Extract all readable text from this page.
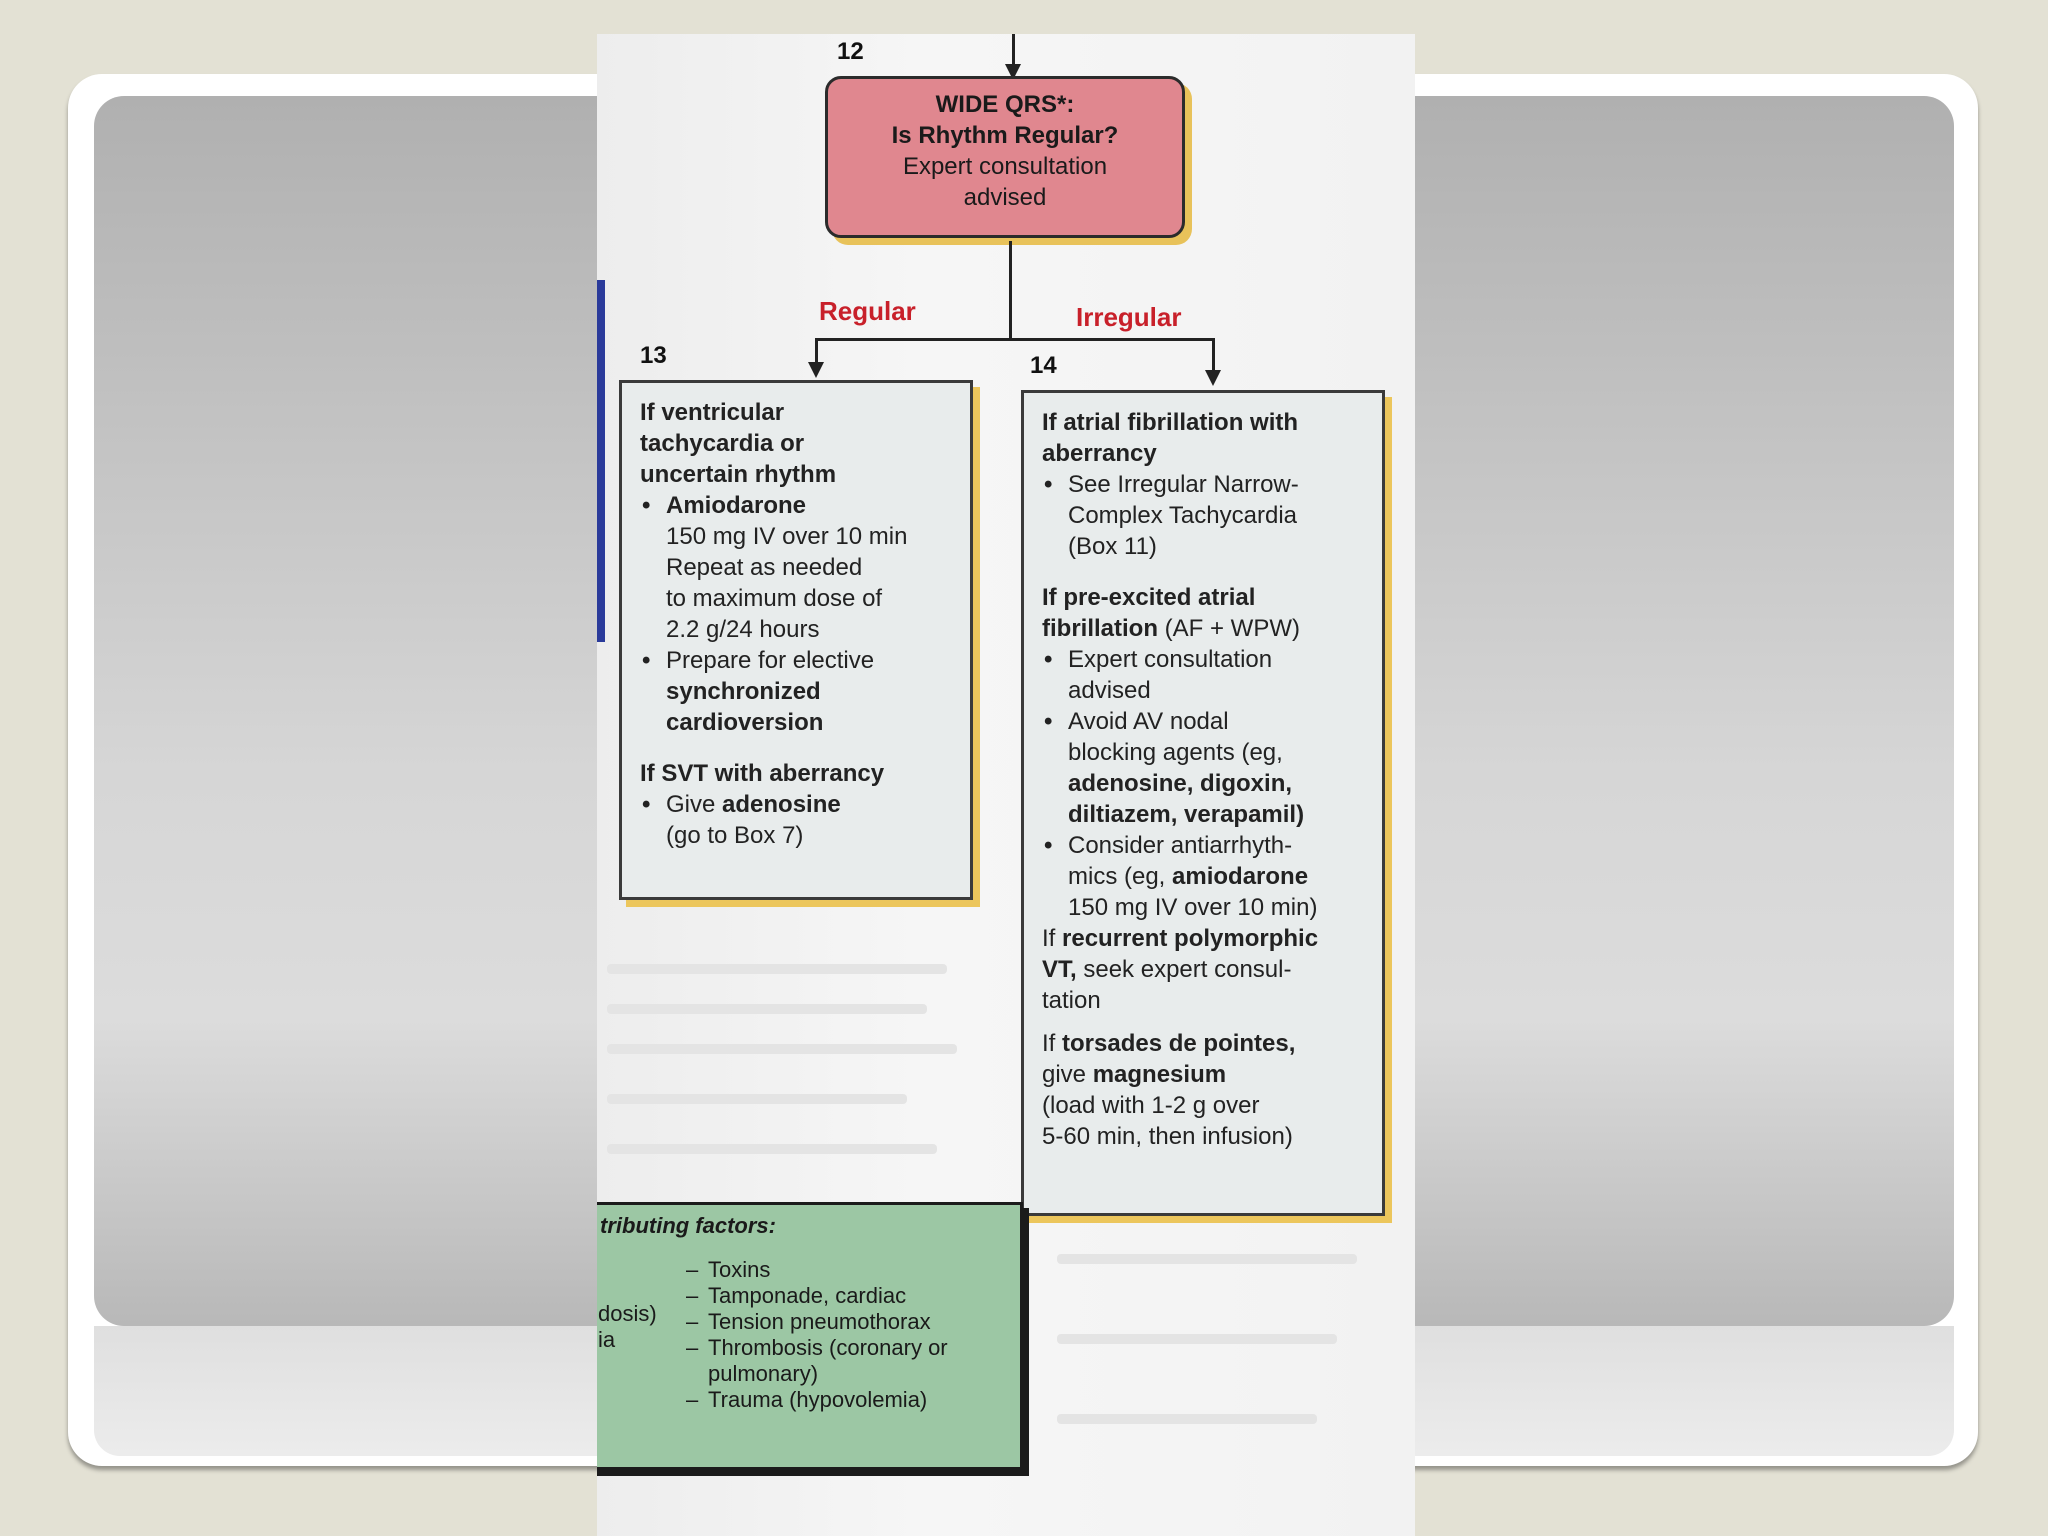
12
WIDE QRS*:
Is Rhythm Regular?
Expert consultation
advised
Regular	Irregular
13	14

If ventricular

tachycardia or

uncertain rhythm

• Amiodarone

150 mg IV over 10 min

Repeat as needed

to maximum dose of

2.2 g/24 hours

• Prepare for elective

synchronized

cardioversion

If SVT with aberrancy

• Give adenosine

(go to Box 7)

If atrial fibrillation with

aberrancy

• See Irregular Narrow-

Complex Tachycardia

(Box 11)

If pre-excited atrial

fibrillation (AF + WPW)

• Expert consultation

advised

• Avoid AV nodal

blocking agents (eg,

adenosine, digoxin,

diltiazem, verapamil)

• Consider antiarrhyth-

mics (eg, amiodarone

150 mg IV over 10 min)

If recurrent polymorphic

VT, seek expert consul-

tation

If torsades de pointes,

give magnesium

(load with 1-2 g over

5-60 min, then infusion)

tributing factors:
dosis)
ia
– Toxins
– Tamponade, cardiac
– Tension pneumothorax
– Thrombosis (coronary or
pulmonary)
– Trauma (hypovolemia)
